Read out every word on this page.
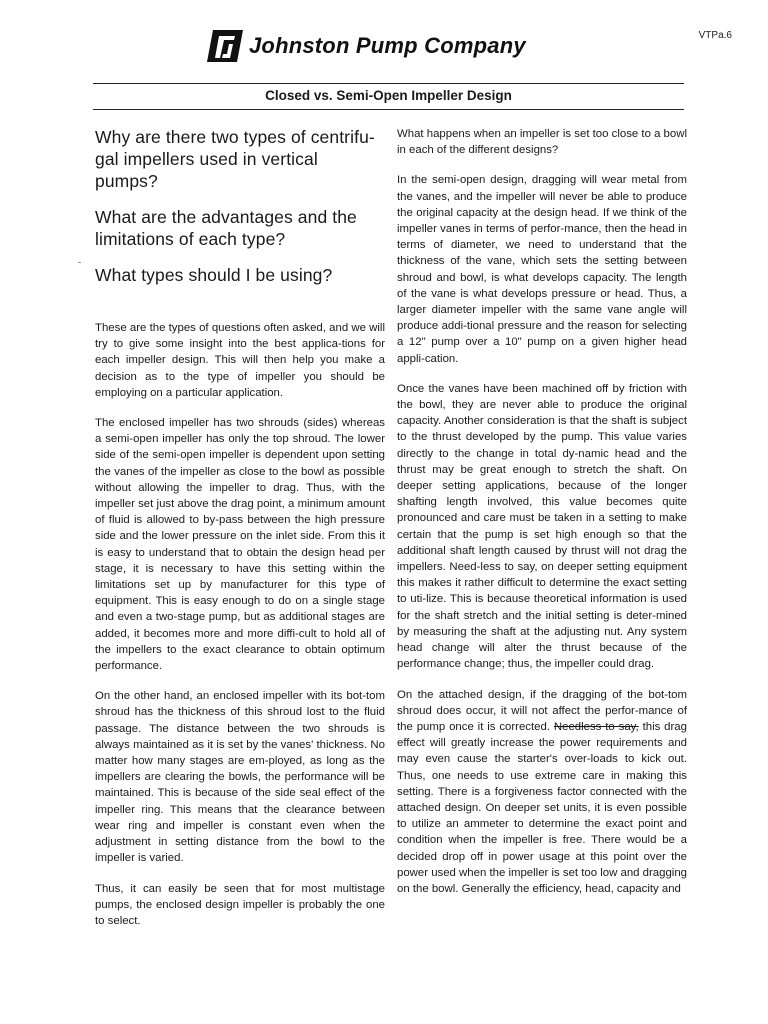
Johnston Pump Company	VTPa.6
Closed vs. Semi-Open Impeller Design
Why are there two types of centrifu-gal impellers used in vertical pumps?
What are the advantages and the limitations of each type?
What types should I be using?

These are the types of questions often asked, and we will try to give some insight into the best applica-tions for each impeller design. This will then help you make a decision as to the type of impeller you should be employing on a particular application.

The enclosed impeller has two shrouds (sides) whereas a semi-open impeller has only the top shroud. The lower side of the semi-open impeller is dependent upon setting the vanes of the impeller as close to the bowl as possible without allowing the impeller to drag. Thus, with the impeller set just above the drag point, a minimum amount of fluid is allowed to by-pass between the high pressure side and the lower pressure on the inlet side. From this it is easy to understand that to obtain the design head per stage, it is necessary to have this setting within the limitations set up by manufacturer for this type of equipment. This is easy enough to do on a single stage and even a two-stage pump, but as additional stages are added, it becomes more and more diffi-cult to hold all of the impellers to the exact clearance to obtain optimum performance.

On the other hand, an enclosed impeller with its bot-tom shroud has the thickness of this shroud lost to the fluid passage. The distance between the two shrouds is always maintained as it is set by the vanes' thickness. No matter how many stages are em-ployed, as long as the impellers are clearing the bowls, the performance will be maintained. This is because of the side seal effect of the impeller ring. This means that the clearance between wear ring and impeller is constant even when the adjustment in setting distance from the bowl to the impeller is varied.

Thus, it can easily be seen that for most multistage pumps, the enclosed design impeller is probably the one to select.

What happens when an impeller is set too close to a bowl in each of the different designs?

In the semi-open design, dragging will wear metal from the vanes, and the impeller will never be able to produce the original capacity at the design head. If we think of the impeller vanes in terms of perfor-mance, then the head in terms of diameter, we need to understand that the thickness of the vane, which sets the setting between shroud and bowl, is what develops capacity. The length of the vane is what develops pressure or head. Thus, a larger diameter impeller with the same vane angle will produce addi-tional pressure and the reason for selecting a 12" pump over a 10" pump on a given higher head appli-cation.

Once the vanes have been machined off by friction with the bowl, they are never able to produce the original capacity. Another consideration is that the shaft is subject to the thrust developed by the pump. This value varies directly to the change in total dy-namic head and the thrust may be great enough to stretch the shaft. On deeper setting applications, because of the longer shafting length involved, this value becomes quite pronounced and care must be taken in a setting to make certain that the pump is set high enough so that the additional shaft length caused by thrust will not drag the impellers. Need-less to say, on deeper setting equipment this makes it rather difficult to determine the exact setting to uti-lize. This is because theoretical information is used for the shaft stretch and the initial setting is deter-mined by measuring the shaft at the adjusting nut. Any system head change will alter the thrust because of the performance change; thus, the impeller could drag.

On the attached design, if the dragging of the bot-tom shroud does occur, it will not affect the perfor-mance of the pump once it is corrected. Needless to say, this drag effect will greatly increase the power requirements and may even cause the starter's over-loads to kick out. Thus, one needs to use extreme care in making this setting. There is a forgiveness factor connected with the attached design. On deeper set units, it is even possible to utilize an ammeter to determine the exact point and condition when the impeller is free. There would be a decided drop off in power usage at this point over the power used when the impeller is set too low and dragging on the bowl. Generally the efficiency, head, capacity and
